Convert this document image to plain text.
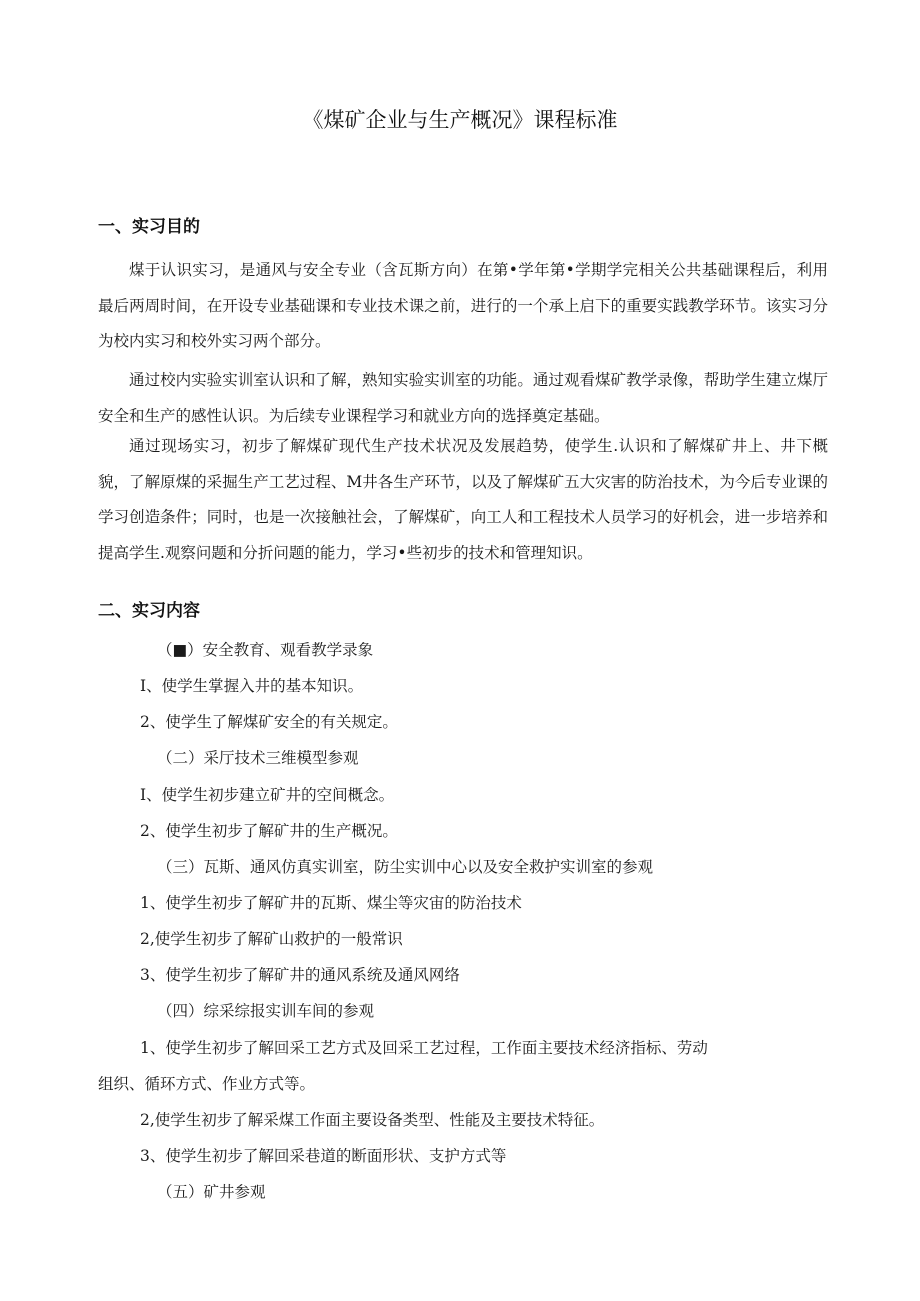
《煤矿企业与生产概况》课程标准
一、实习目的

煤于认识实习，是通风与安全专业（含瓦斯方向）在第•学年第•学期学完相关公共基础课程后，利用最后两周时间，在开设专业基础课和专业技术课之前，进行的一个承上启下的重要实践教学环节。该实习分为校内实习和校外实习两个部分。

通过校内实验实训室认识和了解，熟知实验实训室的功能。通过观看煤矿教学录像，帮助学生建立煤厅安全和生产的感性认识。为后续专业课程学习和就业方向的选择奠定基础。

通过现场实习，初步了解煤矿现代生产技术状况及发展趋势，使学生.认识和了解煤矿井上、井下概貌，了解原煤的采掘生产工艺过程、M井各生产环节，以及了解煤矿五大灾害的防治技术，为今后专业课的学习创造条件；同时，也是一次接触社会，了解煤矿，向工人和工程技术人员学习的好机会，进一步培养和提高学生.观察问题和分折问题的能力，学习•些初步的技术和管理知识。

二、实习内容

（■）安全教育、观看教学录象

I、使学生掌握入井的基本知识。

2、使学生了解煤矿安全的有关规定。

（二）采厅技术三维模型参观

I、使学生初步建立矿井的空间概念。

2、使学生初步了解矿井的生产概况。

（三）瓦斯、通风仿真实训室，防尘实训中心以及安全救护实训室的参观

1、使学生初步了解矿井的瓦斯、煤尘等灾宙的防治技术

2,使学生初步了解矿山救护的一般常识

3、使学生初步了解矿井的通风系统及通风网络

（四）综采综报实训车间的参观

1、使学生初步了解回采工艺方式及回采工艺过程，工作面主要技术经济指标、劳动

组织、循环方式、作业方式等。

2,使学生初步了解采煤工作面主要设备类型、性能及主要技术特征。

3、使学生初步了解回采巷道的断面形状、支护方式等

（五）矿井参观
